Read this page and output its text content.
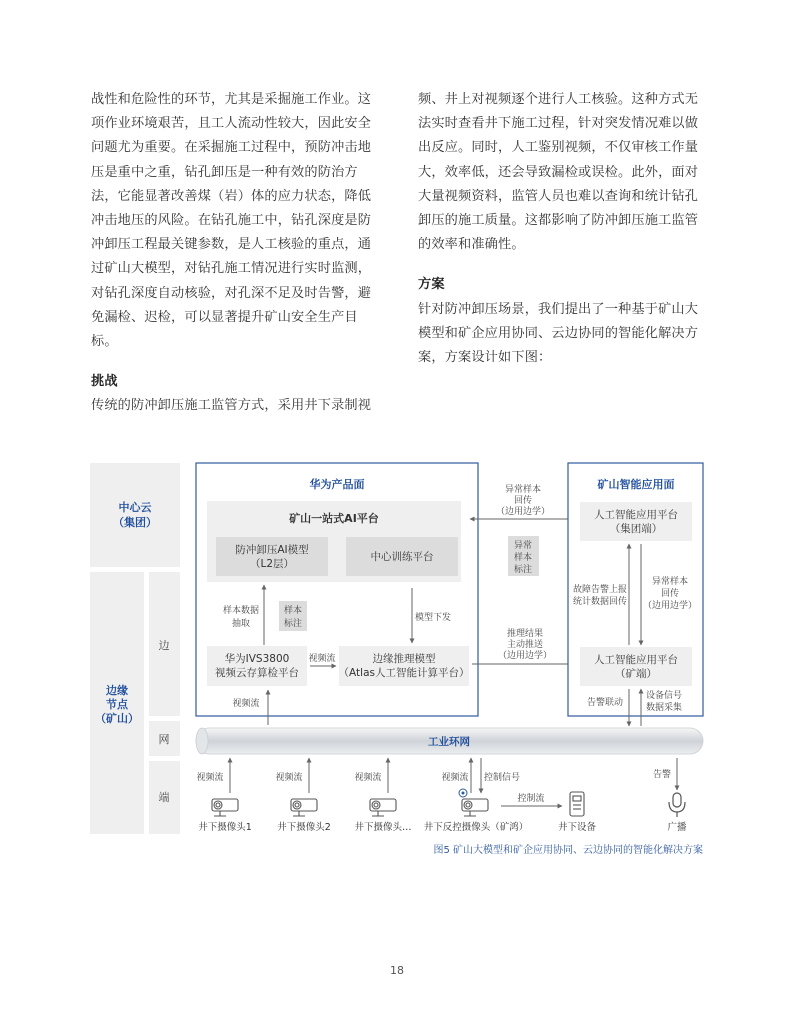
战性和危险性的环节，尤其是采掘施工作业。这项作业环境艰苦，且工人流动性较大，因此安全问题尤为重要。在采掘施工过程中，预防冲击地压是重中之重，钻孔卸压是一种有效的防治方法，它能显著改善煤（岩）体的应力状态，降低冲击地压的风险。在钻孔施工中，钻孔深度是防冲卸压工程最关键参数，是人工核验的重点，通过矿山大模型，对钻孔施工情况进行实时监测，对钻孔深度自动核验，对孔深不足及时告警，避免漏检、迟检，可以显著提升矿山安全生产目标。

挑战

传统的防冲卸压施工监管方式，采用井下录制视

频、井上对视频逐个进行人工核验。这种方式无法实时查看井下施工过程，针对突发情况难以做出反应。同时，人工鉴别视频，不仅审核工作量大，效率低，还会导致漏检或误检。此外，面对大量视频资料，监管人员也难以查询和统计钻孔卸压的施工质量。这都影响了防冲卸压施工监管的效率和准确性。

方案

针对防冲卸压场景，我们提出了一种基于矿山大模型和矿企应用协同、云边协同的智能化解决方案，方案设计如下图：

中心云
（集团）
边缘
节点
（矿山）
边
网
端
华为产品面
矿山一站式AI平台
防冲卸压AI模型
（L2层）
中心训练平台
样本数据
抽取
样本
标注
模型下发
华为IVS3800
视频云存算检平台
视频流	边缘推理模型
（Atlas人工智能计算平台）
视频流
异常样本
回传
（边用边学）
异常
样本
标注
推理结果
主动推送
（边用边学）
矿山智能应用面
人工智能应用平台
（集团端）
故障告警上报
统计数据回传
异常样本
回传
（边用边学）
人工智能应用平台
（矿端）
告警联动
设备信号
数据采集
工业环网
视频流	视频流	视频流	视频流 控制信号
控制流
告警
井下摄像头1	井下摄像头2 井下摄像头… 井下反控摄像头（矿鸿）	井下设备	广播
图5 矿山大模型和矿企应用协同、云边协同的智能化解决方案
18
